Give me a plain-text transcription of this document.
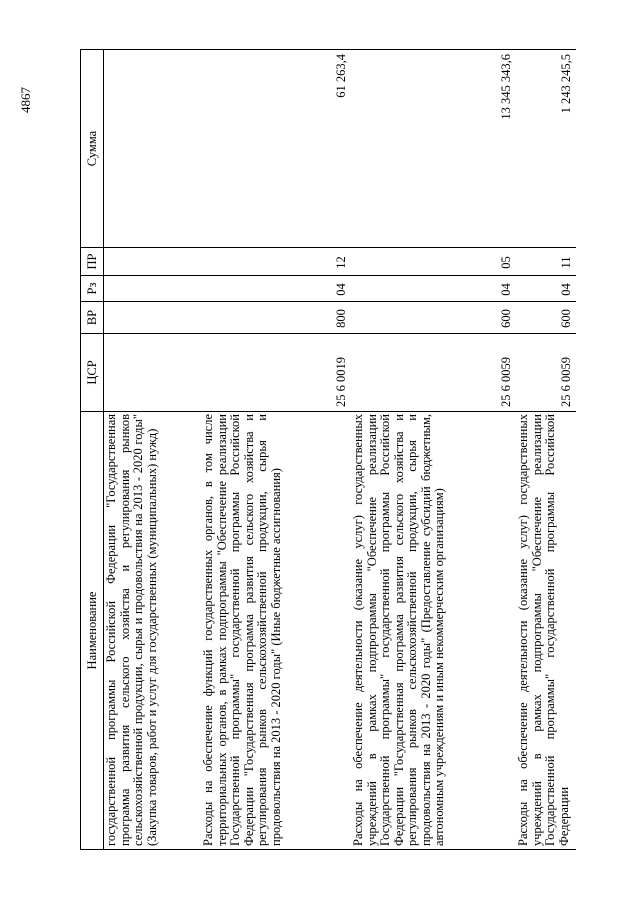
4867
Наименование	ЦСР	ВР	Рз	ПР	Сумма
государственной программы Российской Федерации "Государственная программа развития сельского хозяйства и регулирования рынков сельскохозяйственной продукции, сырья и продовольствия на 2013 - 2020 годы" (Закупка товаров, работ и услуг для государственных (муниципальных) нужд)					
Расходы на обеспечение функций государственных органов, в том числе территориальных органов, в рамках подпрограммы "Обеспечение реализации Государственной программы" государственной программы Российской Федерации "Государственная программа развития сельского хозяйства и регулирования рынков сельскохозяйственной продукции, сырья и продовольствия на 2013 - 2020 годы" (Иные бюджетные ассигнования)	25 6 0019	800	04	12	61 263,4
Расходы на обеспечение деятельности (оказание услуг) государственных учреждений в рамках подпрограммы "Обеспечение реализации Государственной программы" государственной программы Российской Федерации "Государственная программа развития сельского хозяйства и регулирования рынков сельскохозяйственной продукции, сырья и продовольствия на 2013 - 2020 годы" (Предоставление субсидий бюджетным, автономным учреждениям и иным некоммерческим организациям)	25 6 0059	600	04	05	13 345 343,6
Расходы на обеспечение деятельности (оказание услуг) государственных учреждений в рамках подпрограммы "Обеспечение реализации Государственной программы" государственной программы Российской Федерации	25 6 0059	600	04	11	1 243 245,5
